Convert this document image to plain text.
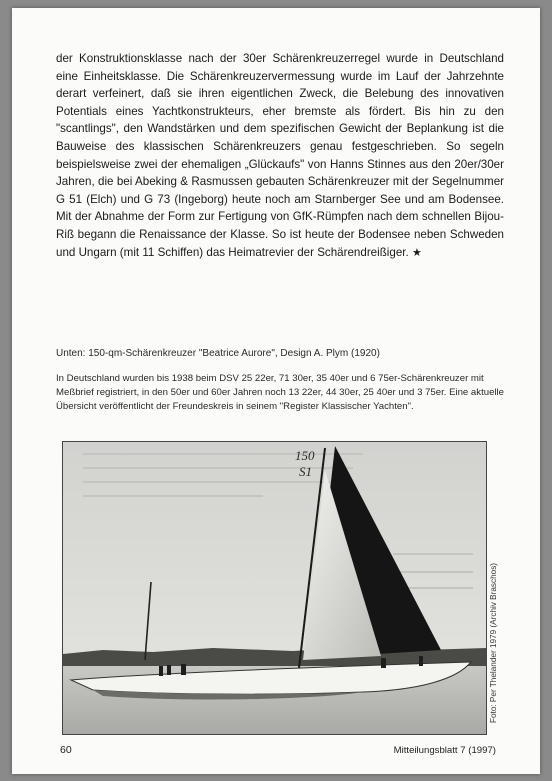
der Konstruktionsklasse nach der 30er Schärenkreuzerregel wurde in Deutschland eine Einheitsklasse. Die Schärenkreuzervermessung wurde im Lauf der Jahrzehnte derart verfeinert, daß sie ihren eigentlichen Zweck, die Belebung des innovativen Potentials eines Yachtkonstrukteurs, eher bremste als fördert. Bis hin zu den "scantlings", den Wandstärken und dem spezifischen Gewicht der Beplankung ist die Bauweise des klassischen Schärenkreuzers genau festgeschrieben. So segeln beispielsweise zwei der ehemaligen „Glückaufs" von Hanns Stinnes aus den 20er/30er Jahren, die bei Abeking & Rasmussen gebauten Schärenkreuzer mit der Segelnummer G 51 (Elch) und G 73 (Ingeborg) heute noch am Starnberger See und am Bodensee. Mit der Abnahme der Form zur Fertigung von GfK-Rümpfen nach dem schnellen Bijou-Riß begann die Renaissance der Klasse. So ist heute der Bodensee neben Schweden und Ungarn (mit 11 Schiffen) das Heimatrevier der Schärendreißiger. ★

Unten: 150-qm-Schärenkreuzer "Beatrice Aurore", Design A. Plym (1920)

In Deutschland wurden bis 1938 beim DSV 25 22er, 71 30er, 35 40er und 6 75er-Schärenkreuzer mit Meßbrief registriert, in den 50er und 60er Jahren noch 13 22er, 44 30er, 25 40er und 3 75er. Eine aktuelle Übersicht veröffentlicht der Freundeskreis in seinem "Register Klassischer Yachten".

150
S1
Foto: Per Thelander 1979 (Archiv Braschos)

60	Mitteilungsblatt 7 (1997)
